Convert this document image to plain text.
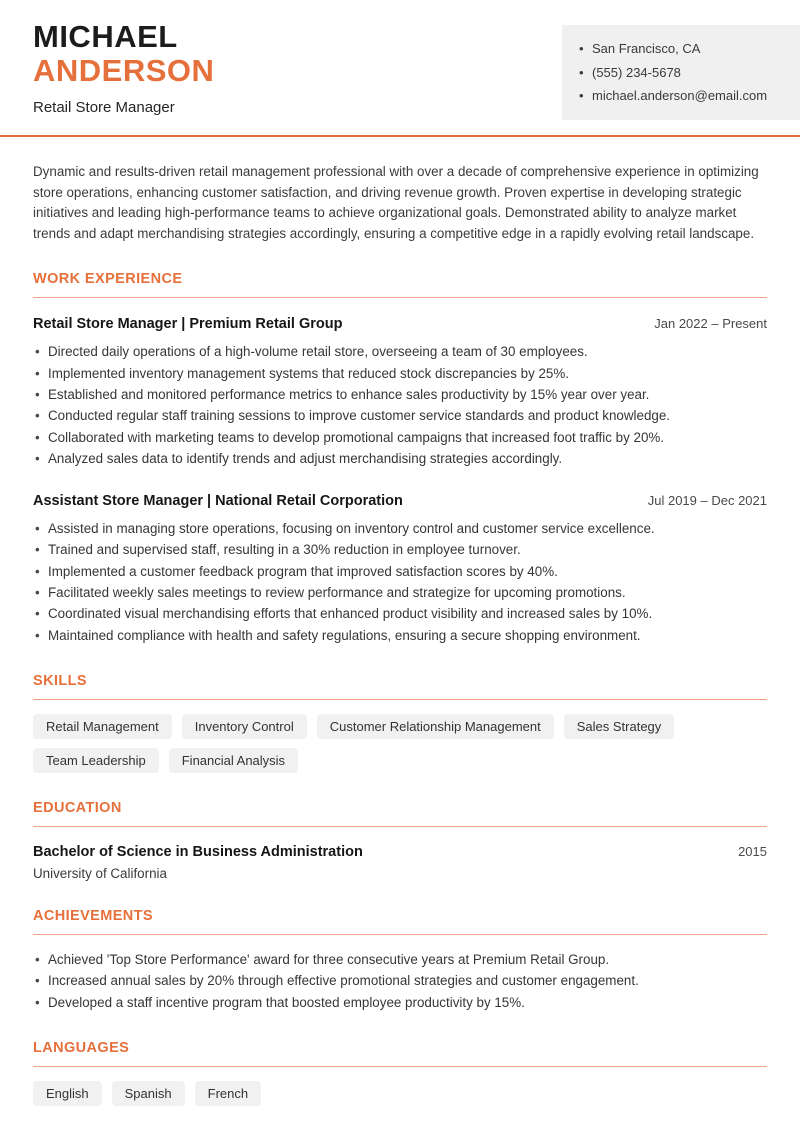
MICHAEL
ANDERSON

Retail Store Manager

• San Francisco, CA
• (555) 234-5678
• michael.anderson@email.com

Dynamic and results-driven retail management professional with over a decade of comprehensive experience in optimizing store operations, enhancing customer satisfaction, and driving revenue growth. Proven expertise in developing strategic initiatives and leading high-performance teams to achieve organizational goals. Demonstrated ability to analyze market trends and adapt merchandising strategies accordingly, ensuring a competitive edge in a rapidly evolving retail landscape.

WORK EXPERIENCE
Retail Store Manager | Premium Retail Group	Jan 2022 – Present
• Directed daily operations of a high-volume retail store, overseeing a team of 30 employees.
• Implemented inventory management systems that reduced stock discrepancies by 25%.
• Established and monitored performance metrics to enhance sales productivity by 15% year over year.
• Conducted regular staff training sessions to improve customer service standards and product knowledge.
• Collaborated with marketing teams to develop promotional campaigns that increased foot traffic by 20%.
• Analyzed sales data to identify trends and adjust merchandising strategies accordingly.
Assistant Store Manager | National Retail Corporation	Jul 2019 – Dec 2021
• Assisted in managing store operations, focusing on inventory control and customer service excellence.
• Trained and supervised staff, resulting in a 30% reduction in employee turnover.
• Implemented a customer feedback program that improved satisfaction scores by 40%.
• Facilitated weekly sales meetings to review performance and strategize for upcoming promotions.
• Coordinated visual merchandising efforts that enhanced product visibility and increased sales by 10%.
• Maintained compliance with health and safety regulations, ensuring a secure shopping environment.
SKILLS
Retail Management	Inventory Control	Customer Relationship Management	Sales Strategy
Team Leadership	Financial Analysis
EDUCATION
Bachelor of Science in Business Administration	2015

University of California

ACHIEVEMENTS
• Achieved 'Top Store Performance' award for three consecutive years at Premium Retail Group.
• Increased annual sales by 20% through effective promotional strategies and customer engagement.
• Developed a staff incentive program that boosted employee productivity by 15%.
LANGUAGES
English	Spanish	French
